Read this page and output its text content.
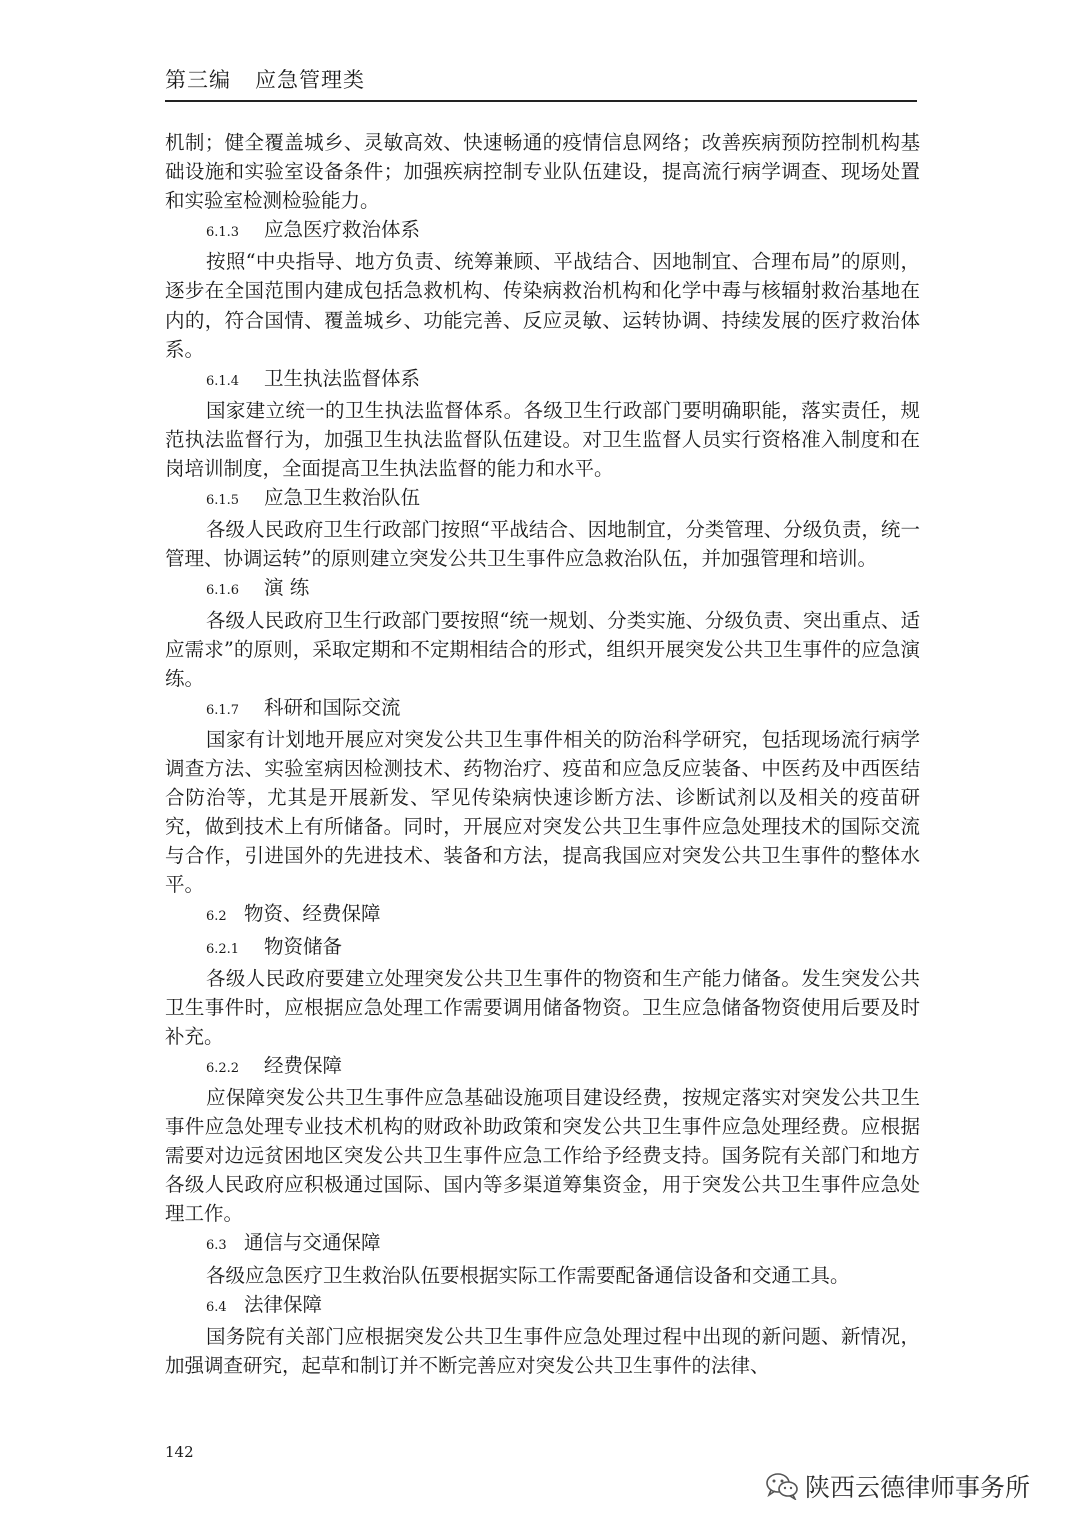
第三编 应急管理类

机制；健全覆盖城乡、灵敏高效、快速畅通的疫情信息网络；改善疾病预防控制机构基础设施和实验室设备条件；加强疾病控制专业队伍建设，提高流行病学调查、现场处置和实验室检测检验能力。

6.1.3 应急医疗救治体系

按照“中央指导、地方负责、统筹兼顾、平战结合、因地制宜、合理布局”的原则，逐步在全国范围内建成包括急救机构、传染病救治机构和化学中毒与核辐射救治基地在内的，符合国情、覆盖城乡、功能完善、反应灵敏、运转协调、持续发展的医疗救治体系。

6.1.4 卫生执法监督体系

国家建立统一的卫生执法监督体系。各级卫生行政部门要明确职能，落实责任，规范执法监督行为，加强卫生执法监督队伍建设。对卫生监督人员实行资格准入制度和在岗培训制度，全面提高卫生执法监督的能力和水平。

6.1.5 应急卫生救治队伍

各级人民政府卫生行政部门按照“平战结合、因地制宜，分类管理、分级负责，统一管理、协调运转”的原则建立突发公共卫生事件应急救治队伍，并加强管理和培训。

6.1.6 演 练

各级人民政府卫生行政部门要按照“统一规划、分类实施、分级负责、突出重点、适应需求”的原则，采取定期和不定期相结合的形式，组织开展突发公共卫生事件的应急演练。

6.1.7 科研和国际交流

国家有计划地开展应对突发公共卫生事件相关的防治科学研究，包括现场流行病学调查方法、实验室病因检测技术、药物治疗、疫苗和应急反应装备、中医药及中西医结合防治等，尤其是开展新发、罕见传染病快速诊断方法、诊断试剂以及相关的疫苗研究，做到技术上有所储备。同时，开展应对突发公共卫生事件应急处理技术的国际交流与合作，引进国外的先进技术、装备和方法，提高我国应对突发公共卫生事件的整体水平。

6.2 物资、经费保障

6.2.1 物资储备

各级人民政府要建立处理突发公共卫生事件的物资和生产能力储备。发生突发公共卫生事件时，应根据应急处理工作需要调用储备物资。卫生应急储备物资使用后要及时补充。

6.2.2 经费保障

应保障突发公共卫生事件应急基础设施项目建设经费，按规定落实对突发公共卫生事件应急处理专业技术机构的财政补助政策和突发公共卫生事件应急处理经费。应根据需要对边远贫困地区突发公共卫生事件应急工作给予经费支持。国务院有关部门和地方各级人民政府应积极通过国际、国内等多渠道筹集资金，用于突发公共卫生事件应急处理工作。

6.3 通信与交通保障

各级应急医疗卫生救治队伍要根据实际工作需要配备通信设备和交通工具。

6.4 法律保障

国务院有关部门应根据突发公共卫生事件应急处理过程中出现的新问题、新情况，加强调查研究，起草和制订并不断完善应对突发公共卫生事件的法律、

142
陕西云德律师事务所
